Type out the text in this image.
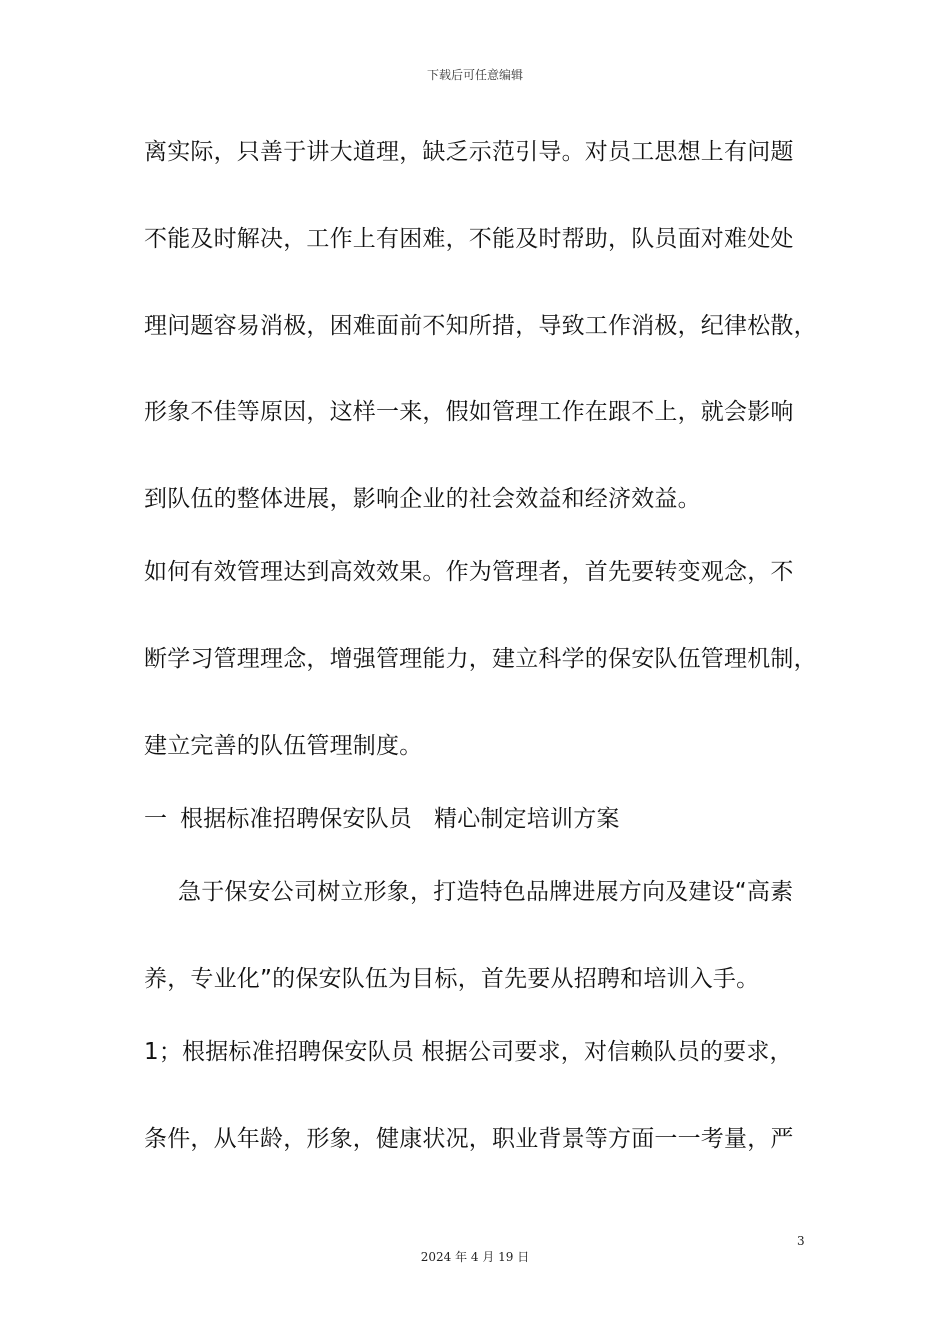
下载后可任意编辑
离实际，只善于讲大道理，缺乏示范引导。对员工思想上有问题
不能及时解决，工作上有困难，不能及时帮助，队员面对难处处
理问题容易消极，困难面前不知所措，导致工作消极，纪律松散，
形象不佳等原因，这样一来，假如管理工作在跟不上，就会影响
到队伍的整体进展，影响企业的社会效益和经济效益。
如何有效管理达到高效效果。作为管理者，首先要转变观念，不
断学习管理理念，增强管理能力，建立科学的保安队伍管理机制，
建立完善的队伍管理制度。
一 根据标准招聘保安队员 精心制定培训方案
急于保安公司树立形象，打造特色品牌进展方向及建设“高素
养，专业化”的保安队伍为目标，首先要从招聘和培训入手。
1；根据标准招聘保安队员 根据公司要求，对信赖队员的要求，
条件，从年龄，形象，健康状况，职业背景等方面一一考量，严
3
2024 年 4 月 19 日
